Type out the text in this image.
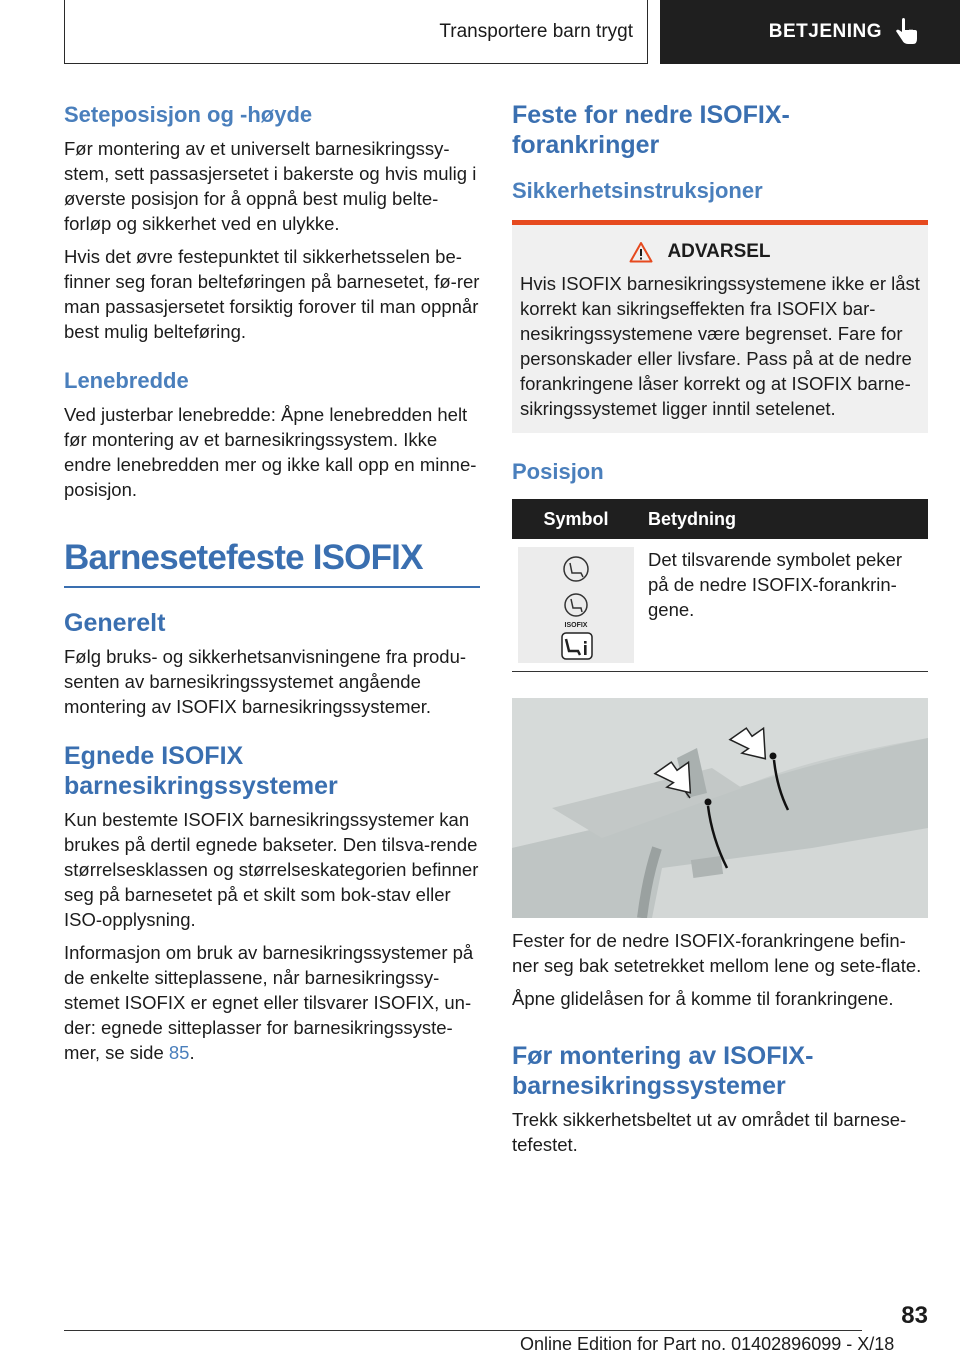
Transportere barn trygt	BETJENING
Seteposisjon og -høyde

Før montering av et universelt barnesikringssy-stem, sett passasjersetet i bakerste og hvis mulig i øverste posisjon for å oppnå best mulig belte-forløp og sikkerhet ved en ulykke.

Hvis det øvre festepunktet til sikkerhetsselen be-finner seg foran belteføringen på barnesetet, fø-rer man passasjersetet forsiktig forover til man oppnår best mulig belteføring.

Lenebredde

Ved justerbar lenebredde: Åpne lenebredden helt før montering av et barnesikringssystem. Ikke endre lenebredden mer og ikke kall opp en minne-posisjon.

Barnesetefeste ISOFIX
Generelt

Følg bruks- og sikkerhetsanvisningene fra produ-senten av barnesikringssystemet angående montering av ISOFIX barnesikringssystemer.

Egnede ISOFIX barnesikringssystemer

Kun bestemte ISOFIX barnesikringssystemer kan brukes på dertil egnede bakseter. Den tilsva-rende størrelsesklassen og størrelseskategorien befinner seg på barnesetet på et skilt som bok-stav eller ISO-opplysning.

Informasjon om bruk av barnesikringssystemer på de enkelte sitteplassene, når barnesikringssy-stemet ISOFIX er egnet eller tilsvarer ISOFIX, un-der: egnede sitteplasser for barnesikringssyste-mer, se side 85.

Feste for nedre ISOFIX-forankringer
Sikkerhetsinstruksjoner
ADVARSEL

Hvis ISOFIX barnesikringssystemene ikke er låst korrekt kan sikringseffekten fra ISOFIX bar-nesikringssystemene være begrenset. Fare for personskader eller livsfare. Pass på at de nedre forankringene låser korrekt og at ISOFIX barne-sikringssystemet ligger inntil setelenet.

Posisjon
Symbol	Betydning

ISOFIX	Det tilsvarende symbolet peker på de nedre ISOFIX-forankrin-gene.

Fester for de nedre ISOFIX-forankringene befin-ner seg bak setetrekket mellom lene og sete-flate.

Åpne glidelåsen for å komme til forankringene.

Før montering av ISOFIX-barnesikringssystemer

Trekk sikkerhetsbeltet ut av området til barnese-tefestet.

83
Online Edition for Part no. 01402896099 - X/18
